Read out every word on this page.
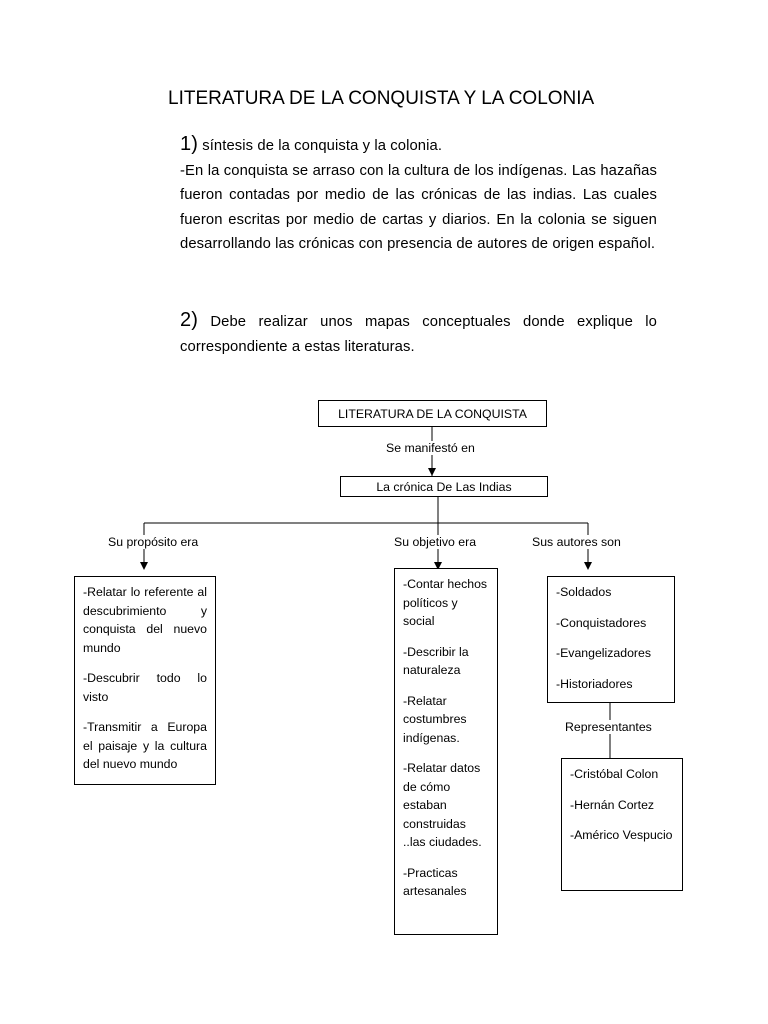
LITERATURA DE LA CONQUISTA Y LA COLONIA
1) síntesis de la conquista y la colonia.
-En la conquista se arraso con la cultura de los indígenas. Las hazañas fueron contadas por medio de las crónicas de las indias. Las cuales fueron escritas por medio de cartas y diarios. En la colonia se siguen desarrollando las crónicas con presencia de autores de origen español.
2) Debe realizar unos mapas conceptuales donde explique lo correspondiente a estas literaturas.
LITERATURA DE LA CONQUISTA
Se manifestó en
La crónica De Las Indias
Su propósito era	Su objetivo era	Sus autores son

-Relatar lo referente al descubrimiento y conquista del nuevo mundo

-Descubrir todo lo visto

-Transmitir a Europa el paisaje y la cultura del nuevo mundo

-Contar hechos políticos y social

-Describir la naturaleza

-Relatar costumbres indígenas.

-Relatar datos de cómo estaban construidas ..las ciudades.

-Practicas artesanales

-Soldados

-Conquistadores

-Evangelizadores

-Historiadores

Representantes

-Cristóbal Colon

-Hernán Cortez

-Américo Vespucio
